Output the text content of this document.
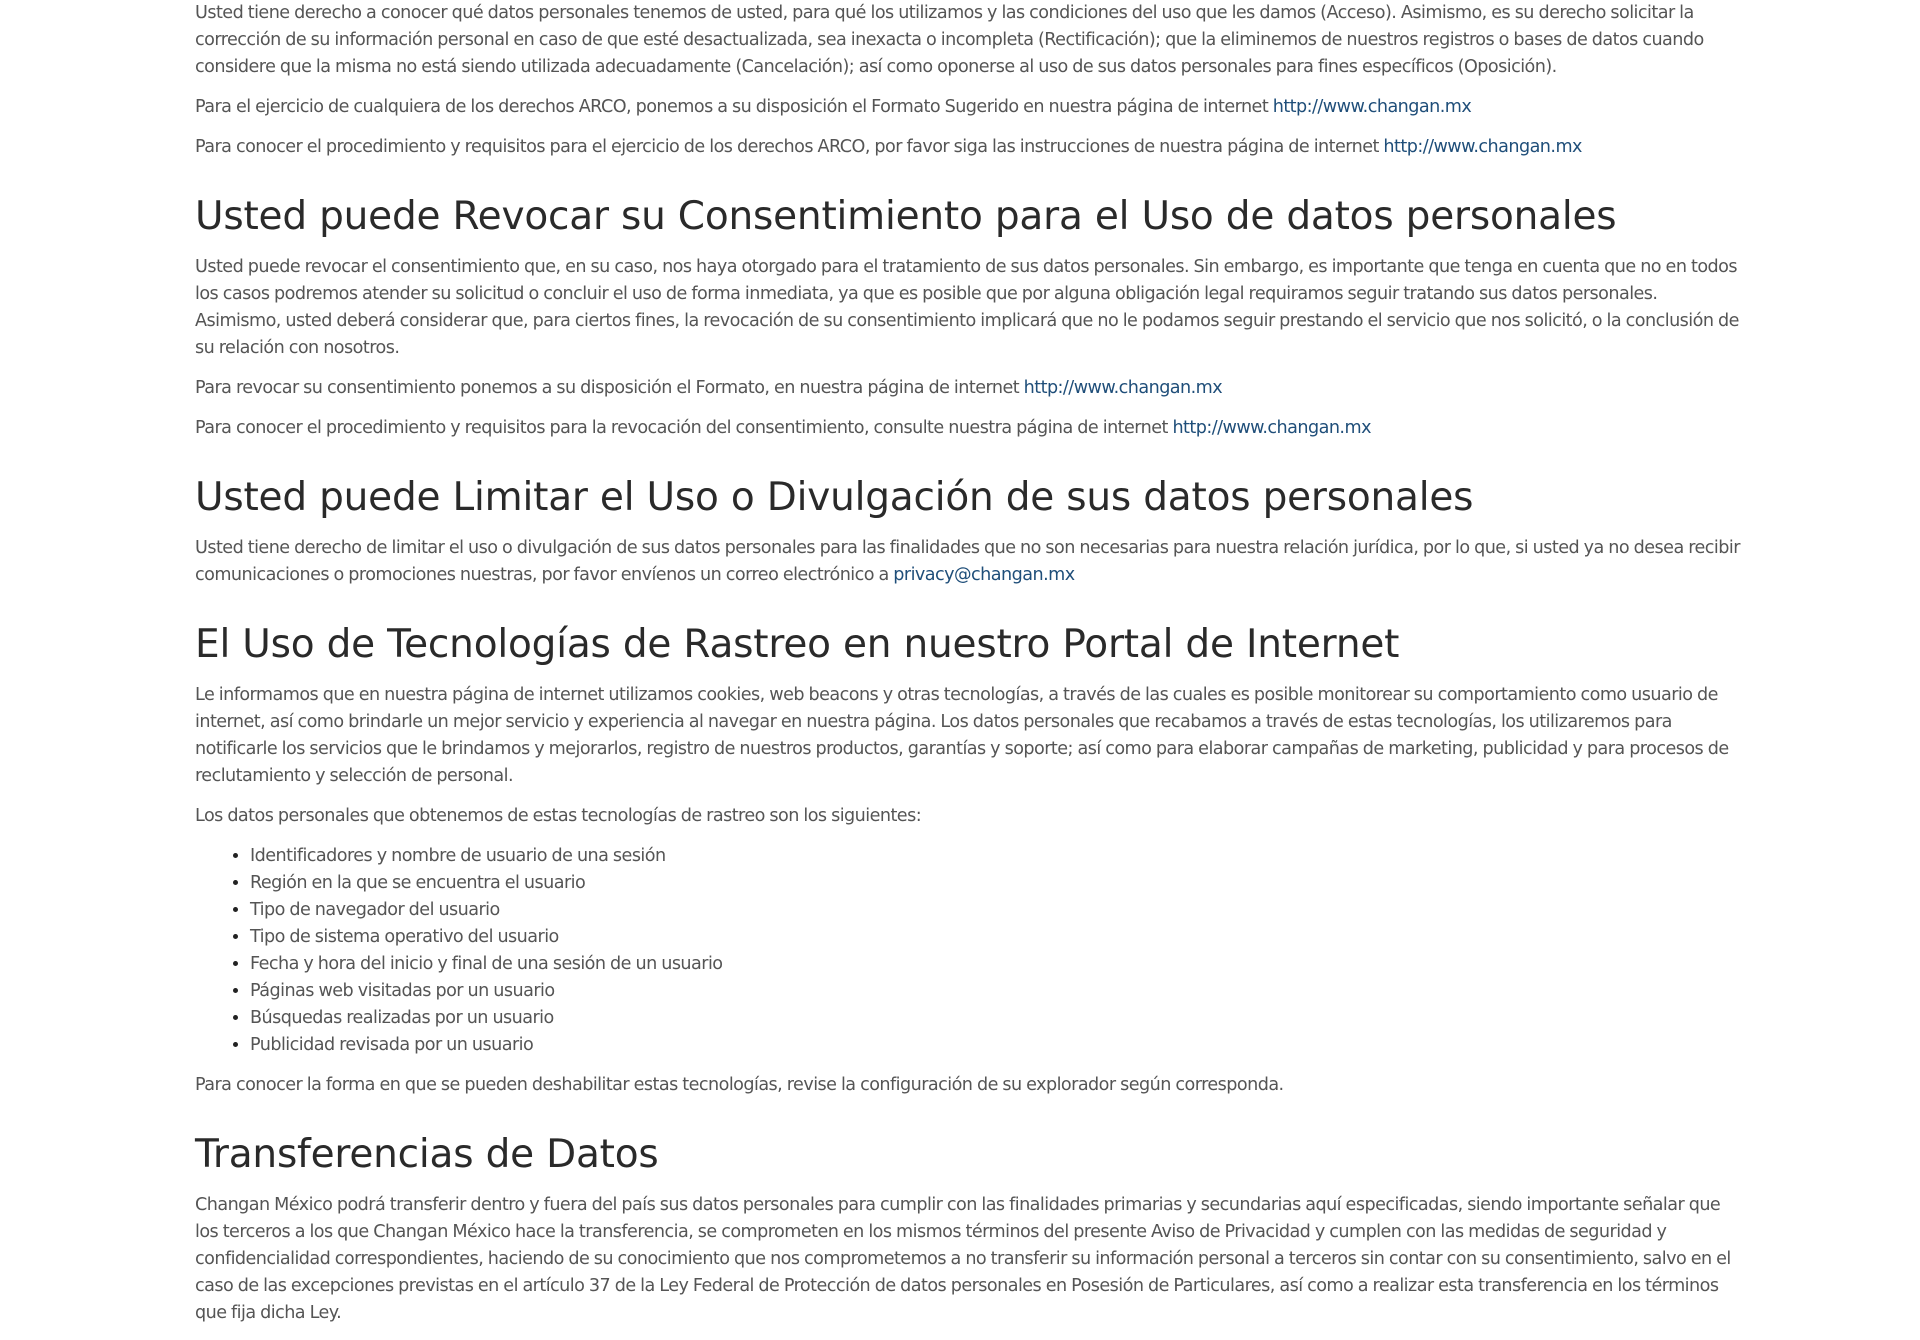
Usted tiene derecho a conocer qué datos personales tenemos de usted, para qué los utilizamos y las condiciones del uso que les damos (Acceso). Asimismo, es su derecho solicitar la corrección de su información personal en caso de que esté desactualizada, sea inexacta o incompleta (Rectificación); que la eliminemos de nuestros registros o bases de datos cuando considere que la misma no está siendo utilizada adecuadamente (Cancelación); así como oponerse al uso de sus datos personales para fines específicos (Oposición).

Para el ejercicio de cualquiera de los derechos ARCO, ponemos a su disposición el Formato Sugerido en nuestra página de internet http://www.changan.mx

Para conocer el procedimiento y requisitos para el ejercicio de los derechos ARCO, por favor siga las instrucciones de nuestra página de internet http://www.changan.mx

Usted puede Revocar su Consentimiento para el Uso de datos personales

Usted puede revocar el consentimiento que, en su caso, nos haya otorgado para el tratamiento de sus datos personales. Sin embargo, es importante que tenga en cuenta que no en todos los casos podremos atender su solicitud o concluir el uso de forma inmediata, ya que es posible que por alguna obligación legal requiramos seguir tratando sus datos personales. Asimismo, usted deberá considerar que, para ciertos fines, la revocación de su consentimiento implicará que no le podamos seguir prestando el servicio que nos solicitó, o la conclusión de su relación con nosotros.

Para revocar su consentimiento ponemos a su disposición el Formato, en nuestra página de internet http://www.changan.mx

Para conocer el procedimiento y requisitos para la revocación del consentimiento, consulte nuestra página de internet http://www.changan.mx

Usted puede Limitar el Uso o Divulgación de sus datos personales

Usted tiene derecho de limitar el uso o divulgación de sus datos personales para las finalidades que no son necesarias para nuestra relación jurídica, por lo que, si usted ya no desea recibir comunicaciones o promociones nuestras, por favor envíenos un correo electrónico a privacy@changan.mx

El Uso de Tecnologías de Rastreo en nuestro Portal de Internet

Le informamos que en nuestra página de internet utilizamos cookies, web beacons y otras tecnologías, a través de las cuales es posible monitorear su comportamiento como usuario de internet, así como brindarle un mejor servicio y experiencia al navegar en nuestra página. Los datos personales que recabamos a través de estas tecnologías, los utilizaremos para notificarle los servicios que le brindamos y mejorarlos, registro de nuestros productos, garantías y soporte; así como para elaborar campañas de marketing, publicidad y para procesos de reclutamiento y selección de personal.

Los datos personales que obtenemos de estas tecnologías de rastreo son los siguientes:

• Identificadores y nombre de usuario de una sesión
• Región en la que se encuentra el usuario
• Tipo de navegador del usuario
• Tipo de sistema operativo del usuario
• Fecha y hora del inicio y final de una sesión de un usuario
• Páginas web visitadas por un usuario
• Búsquedas realizadas por un usuario
• Publicidad revisada por un usuario

Para conocer la forma en que se pueden deshabilitar estas tecnologías, revise la configuración de su explorador según corresponda.

Transferencias de Datos

Changan México podrá transferir dentro y fuera del país sus datos personales para cumplir con las finalidades primarias y secundarias aquí especificadas, siendo importante señalar que los terceros a los que Changan México hace la transferencia, se comprometen en los mismos términos del presente Aviso de Privacidad y cumplen con las medidas de seguridad y confidencialidad correspondientes, haciendo de su conocimiento que nos comprometemos a no transferir su información personal a terceros sin contar con su consentimiento, salvo en el caso de las excepciones previstas en el artículo 37 de la Ley Federal de Protección de datos personales en Posesión de Particulares, así como a realizar esta transferencia en los términos que fija dicha Ley.
